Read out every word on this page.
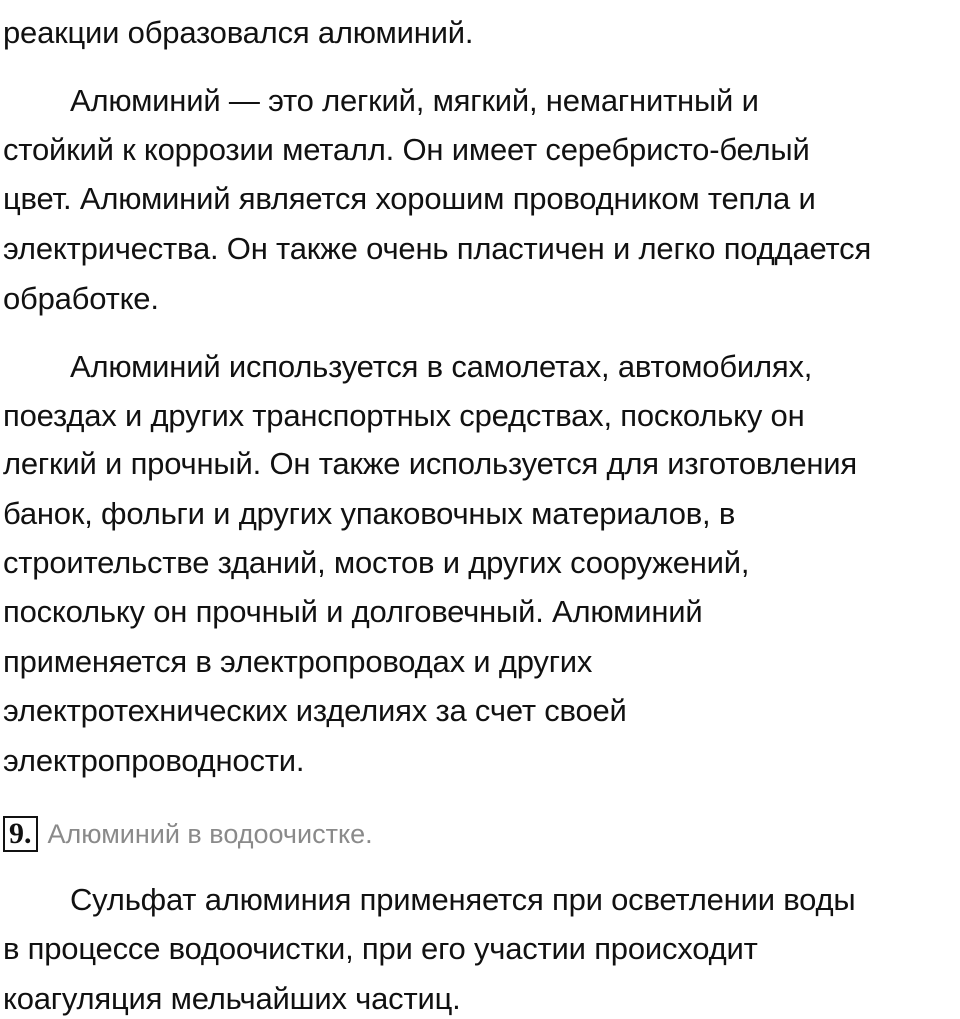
реакции образовался алюминий.
Алюминий — это легкий, мягкий, немагнитный и
стойкий к коррозии металл. Он имеет серебристо-белый
цвет. Алюминий является хорошим проводником тепла и
электричества. Он также очень пластичен и легко поддается
обработке.
Алюминий используется в самолетах, автомобилях,
поездах и других транспортных средствах, поскольку он
легкий и прочный. Он также используется для изготовления
банок, фольги и других упаковочных материалов, в
строительстве зданий, мостов и других сооружений,
поскольку он прочный и долговечный. Алюминий
применяется в электропроводах и других
электротехнических изделиях за счет своей
электропроводности.
9. Алюминий в водоочистке.
Сульфат алюминия применяется при осветлении воды
в процессе водоочистки, при его участии происходит
коагуляция мельчайших частиц.
